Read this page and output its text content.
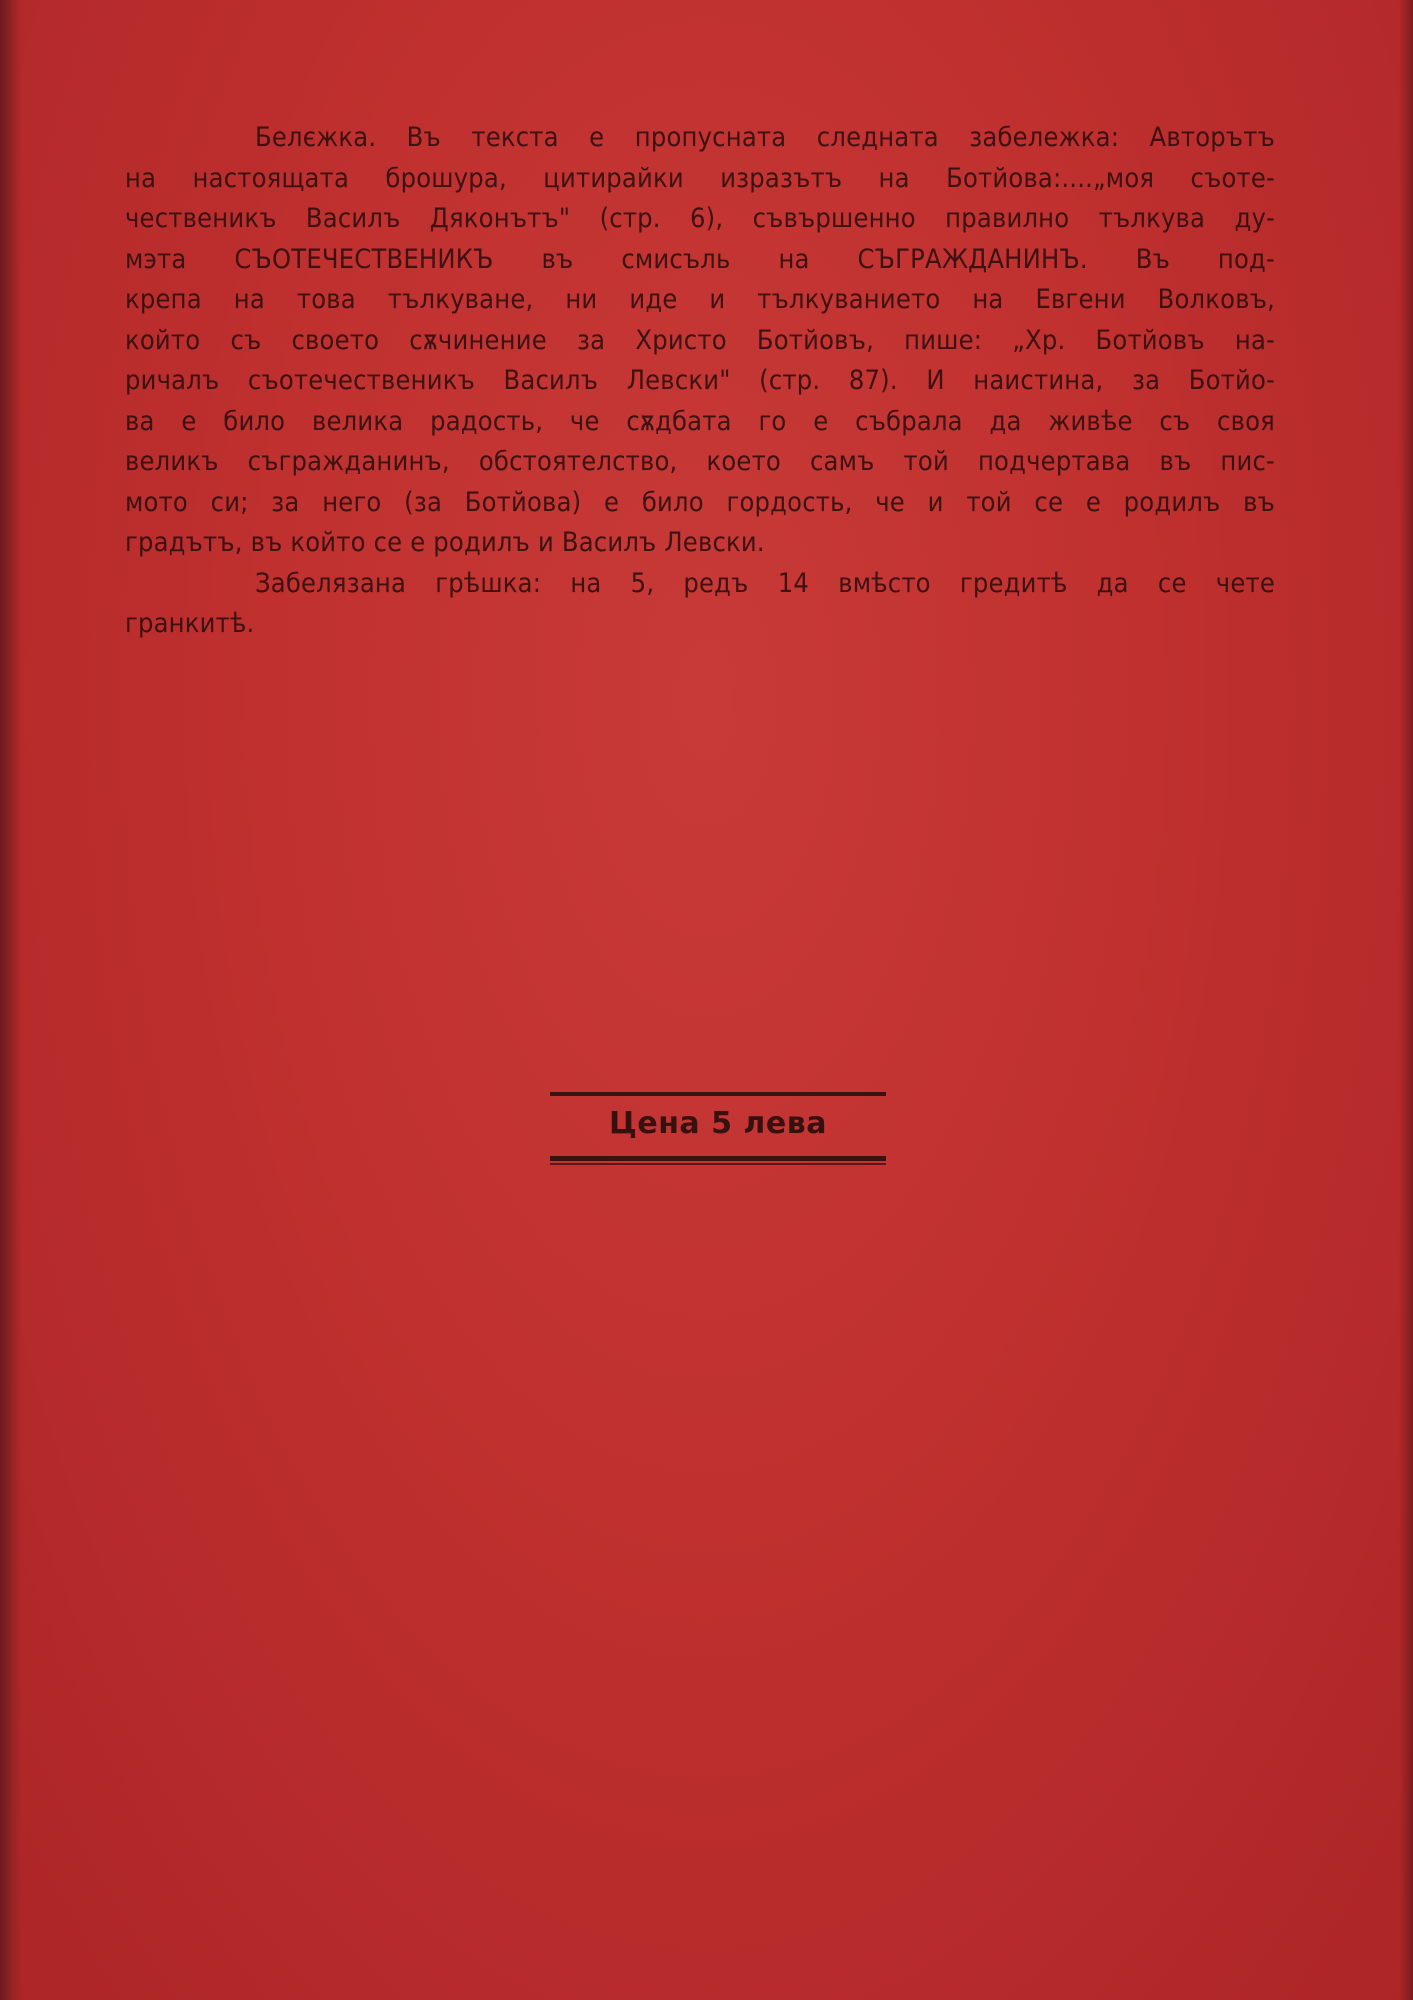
Белєжка. Въ текста е пропусната следната забележка: Авторътъ
на настоящата брошура, цитирайки изразътъ на Ботйова:....„моя съоте-
чественикъ Василъ Дяконътъ" (стр. 6), съвършенно правилно тълкува ду-
мэта СЪОТЕЧЕСТВЕНИКЪ въ смисъль на СЪГРАЖДАНИНЪ. Въ под-
крепа на това тълкуване, ни иде и тълкуванието на Евгени Волковъ,
който съ своето сѫчинение за Христо Ботйовъ, пише: „Хр. Ботйовъ на-
ричалъ съотечественикъ Василъ Левски" (стр. 87). И наистина, за Ботйо-
ва е било велика радость, че сѫдбата го е събрала да живѣе съ своя
великъ съгражданинъ, обстоятелство, което самъ той подчертава въ пис-
мото си; за него (за Ботйова) е било гордость, че и той се е родилъ въ
градътъ, въ който се е родилъ и Василъ Левски.
Забелязана грѣшка: на 5, редъ 14 вмѣсто гредитѣ да се чете
гранкитѣ.
Цена 5 лева
